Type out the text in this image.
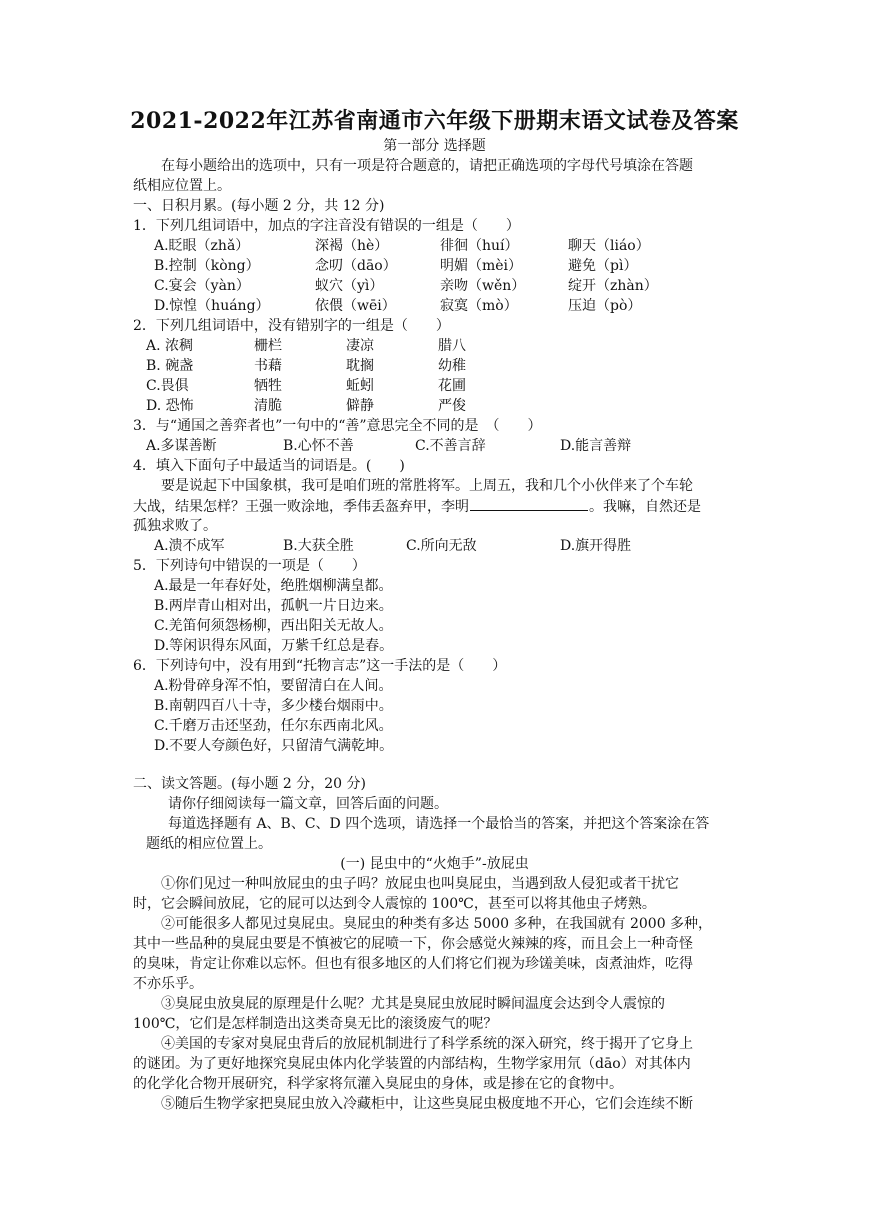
2021-2022年江苏省南通市六年级下册期末语文试卷及答案
第一部分 选择题
　　在每小题给出的选项中，只有一项是符合题意的，请把正确选项的字母代号填涂在答题
纸相应位置上。
一、日积月累。(每小题 2 分，共 12 分)
1．下列几组词语中，加点的字注音没有错误的一组是（　　）
A.眨眼（zhǎ）	深褐（hè）	徘徊（huí）	聊天（liáo）
B.控制（kòng）	念叨（dāo）	明媚（mèi）	避免（pì）
C.宴会（yàn）	蚁穴（yì）	亲吻（wěn）	绽开（zhàn）
D.惊惶（huáng）	依偎（wēi）	寂寞（mò）	压迫（pò）
2．下列几组词语中，没有错别字的一组是（　　）
A. 浓稠	栅栏	凄凉	腊八
B. 碗盏	书藉	耽搁	幼稚
C.畏俱	牺牲	蚯蚓	花圃
D. 恐怖	清脆	僻静	严俊
3．与“通国之善弈者也”一句中的“善”意思完全不同的是　（　　）
A.多谋善断	B.心怀不善	C.不善言辞	D.能言善辩
4．填入下面句子中最适当的词语是。(　　)
　　要是说起下中国象棋，我可是咱们班的常胜将军。上周五，我和几个小伙伴来了个车轮
大战，结果怎样？王强一败涂地，季伟丢盔弃甲，李明	。我嘛，自然还是
孤独求败了。
A.溃不成军	B.大获全胜	C.所向无敌	D.旗开得胜
5．下列诗句中错误的一项是（　　）
A.最是一年春好处，绝胜烟柳满皇都。
B.两岸青山相对出，孤帆一片日边来。
C.羌笛何须怨杨柳，西出阳关无故人。
D.等闲识得东风面，万紫千红总是春。
6．下列诗句中，没有用到“托物言志”这一手法的是（　　）
A.粉骨碎身浑不怕，要留清白在人间。
B.南朝四百八十寺，多少楼台烟雨中。
C.千磨万击还坚劲，任尔东西南北风。
D.不要人夸颜色好，只留清气满乾坤。
二、读文答题。(每小题 2 分，20 分)
　　请你仔细阅读每一篇文章，回答后面的问题。
　　每道选择题有 A、B、C、D 四个选项，请选择一个最恰当的答案，并把这个答案涂在答
题纸的相应位置上。
(一) 昆虫中的“火炮手”-放屁虫
　　①你们见过一种叫放屁虫的虫子吗？放屁虫也叫臭屁虫，当遇到敌人侵犯或者干扰它
时，它会瞬间放屁，它的屁可以达到令人震惊的 100℃，甚至可以将其他虫子烤熟。
　　②可能很多人都见过臭屁虫。臭屁虫的种类有多达 5000 多种，在我国就有 2000 多种，
其中一些品种的臭屁虫要是不慎被它的屁喷一下，你会感觉火辣辣的疼，而且会上一种奇怪
的臭味，肯定让你难以忘怀。但也有很多地区的人们将它们视为珍馐美味，卤煮油炸，吃得
不亦乐乎。
　　③臭屁虫放臭屁的原理是什么呢？尤其是臭屁虫放屁时瞬间温度会达到令人震惊的
100℃，它们是怎样制造出这类奇臭无比的滚烫废气的呢？
　　④美国的专家对臭屁虫背后的放屁机制进行了科学系统的深入研究，终于揭开了它身上
的谜团。为了更好地探究臭屁虫体内化学装置的内部结构，生物学家用氘（dāo）对其体内
的化学化合物开展研究，科学家将氘灌入臭屁虫的身体，或是掺在它的食物中。
　　⑤随后生物学家把臭屁虫放入冷藏柜中，让这些臭屁虫极度地不开心，它们会连续不断
